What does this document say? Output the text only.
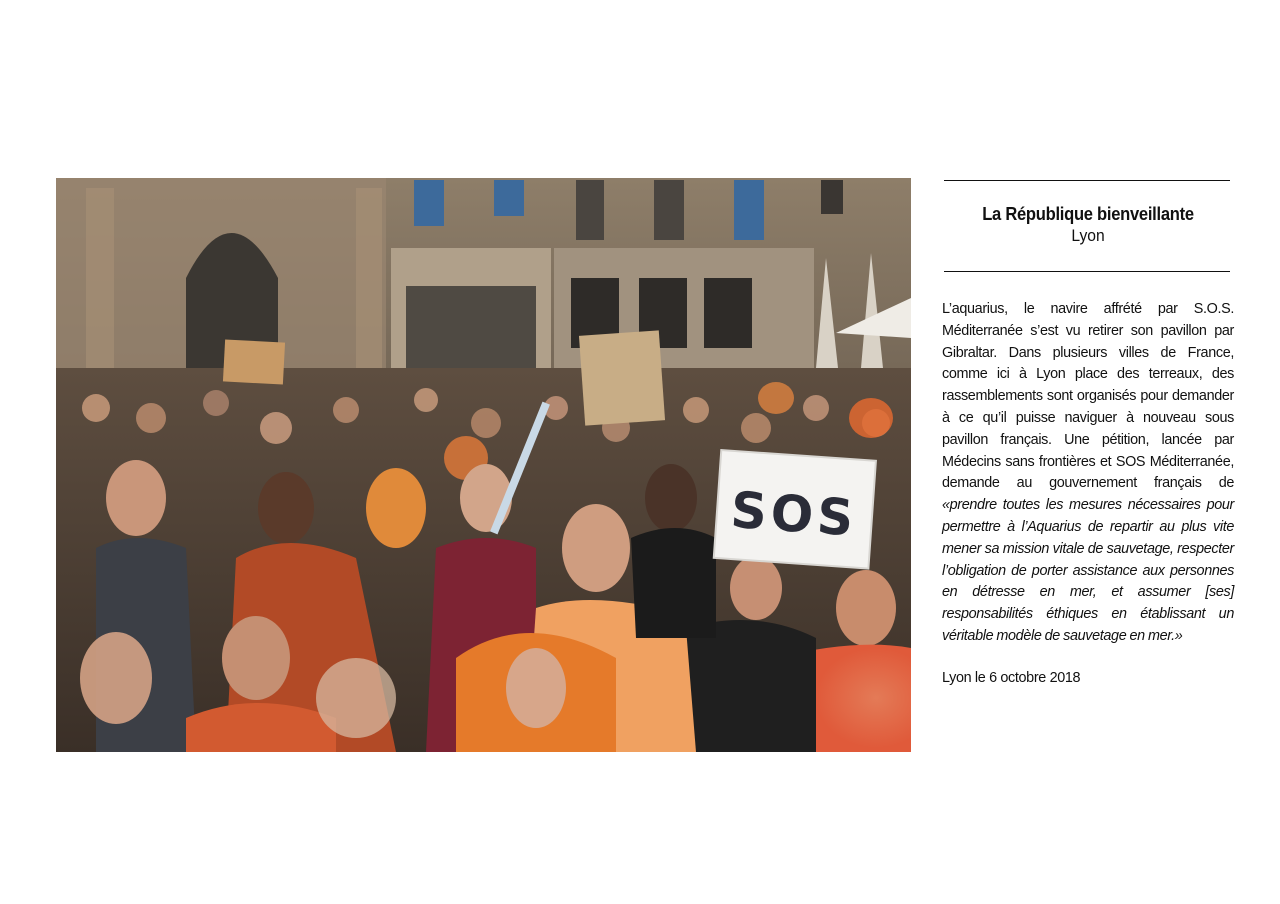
SOS
La République bienveillante
Lyon
L’aquarius, le navire affrété par S.O.S. Méditerranée s’est vu retirer son pavillon par Gibraltar. Dans plusieurs villes de France, comme ici à Lyon place des terreaux, des rassemblements sont organisés pour demander à ce qu’il puisse naviguer à nouveau sous pavillon français. Une pétition, lancée par Médecins sans frontières et SOS Méditerranée, demande au gouvernement français de «prendre toutes les mesures nécessaires pour permettre à l’Aquarius de repartir au plus vite mener sa mission vitale de sauvetage, respecter l’obligation de porter assistance aux personnes en détresse en mer, et assumer [ses] responsabilités éthiques en établissant un véritable modèle de sauvetage en mer.»
Lyon le 6 octobre 2018
